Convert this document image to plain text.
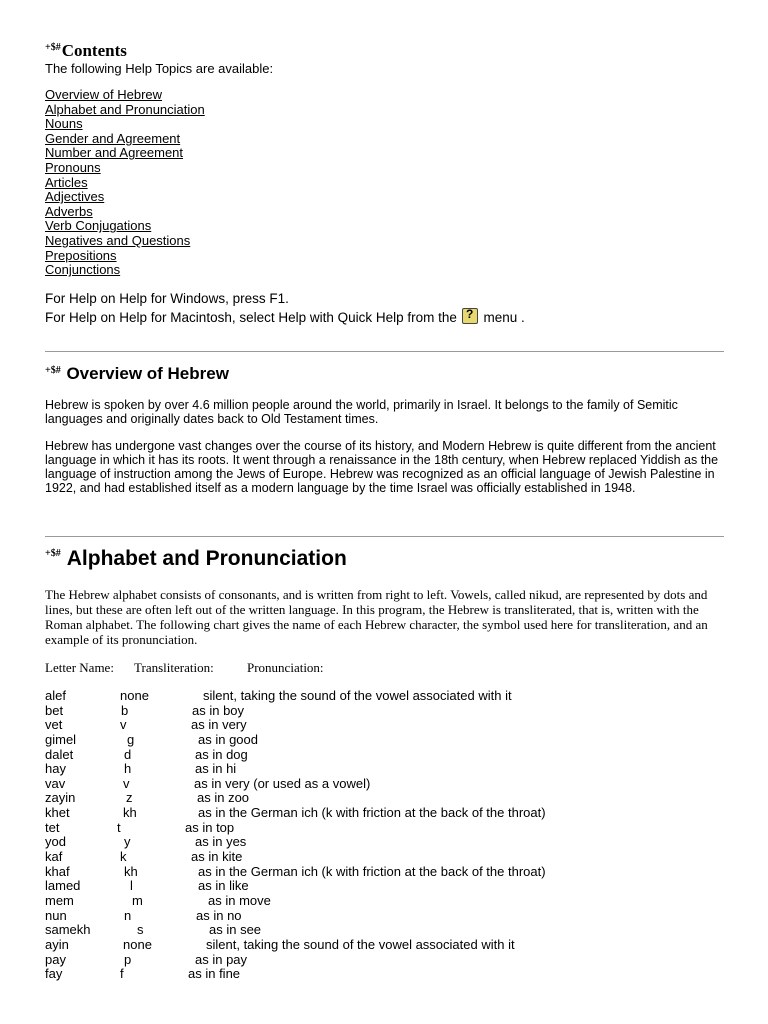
+$#Contents

The following Help Topics are available:

Overview of Hebrew
Alphabet and Pronunciation
Nouns
Gender and Agreement
Number and Agreement
Pronouns
Articles
Adjectives
Adverbs
Verb Conjugations
Negatives and Questions
Prepositions
Conjunctions

For Help on Help for Windows, press F1.

For Help on Help for Macintosh, select Help with Quick Help from the ? menu .

+$# Overview of Hebrew

Hebrew is spoken by over 4.6 million people around the world, primarily in Israel. It belongs to the family of Semitic languages and originally dates back to Old Testament times.

Hebrew has undergone vast changes over the course of its history, and Modern Hebrew is quite different from the ancient language in which it has its roots. It went through a renaissance in the 18th century, when Hebrew replaced Yiddish as the language of instruction among the Jews of Europe. Hebrew was recognized as an official language of Jewish Palestine in 1922, and had established itself as a modern language by the time Israel was officially established in 1948.

+$# Alphabet and Pronunciation

The Hebrew alphabet consists of consonants, and is written from right to left. Vowels, called nikud, are represented by dots and lines, but these are often left out of the written language. In this program, the Hebrew is transliterated, that is, written with the Roman alphabet. The following chart gives the name of each Hebrew character, the symbol used here for transliteration, and an example of its pronunciation.

Letter Name: Transliteration:	Pronunciation:
alef	none	silent, taking the sound of the vowel associated with it
bet	b	as in boy
vet	v	as in very
gimel	g	as in good
dalet	d	as in dog
hay	h	as in hi
vav	v	as in very (or used as a vowel)
zayin	z	as in zoo
khet	kh	as in the German ich (k with friction at the back of the throat)
tet	t	as in top
yod	y	as in yes
kaf	k	as in kite
khaf	kh	as in the German ich (k with friction at the back of the throat)
lamed	l	as in like
mem	m	as in move
nun	n	as in no
samekh	s	as in see
ayin	none	silent, taking the sound of the vowel associated with it
pay	p	as in pay
fay	f	as in fine
